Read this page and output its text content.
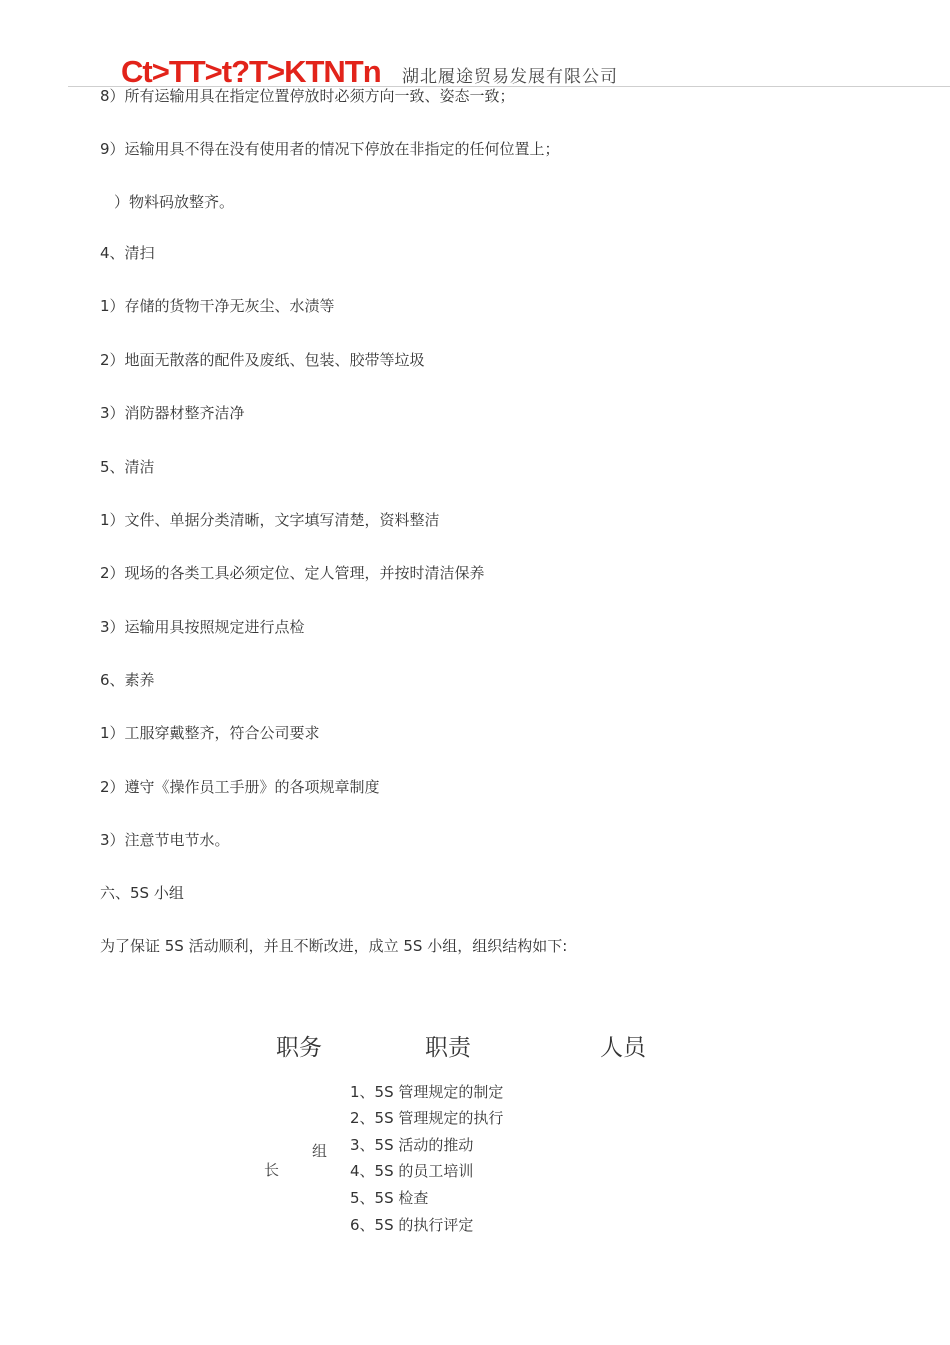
Ct>TT>t?T>KTNTn 湖北履途贸易发展有限公司
8）所有运输用具在指定位置停放时必须方向一致、姿态一致；
9）运输用具不得在没有使用者的情况下停放在非指定的任何位置上；
）物料码放整齐。
4、清扫
1）存储的货物干净无灰尘、水渍等
2）地面无散落的配件及废纸、包装、胶带等垃圾
3）消防器材整齐洁净
5、清洁
1）文件、单据分类清晰，文字填写清楚，资料整洁
2）现场的各类工具必须定位、定人管理，并按时清洁保养
3）运输用具按照规定进行点检
6、素养
1）工服穿戴整齐，符合公司要求
2）遵守《操作员工手册》的各项规章制度
3）注意节电节水。
六、5S 小组
为了保证 5S 活动顺利，并且不断改进，成立 5S 小组，组织结构如下:
职务	职责	人员
组
长
1、5S 管理规定的制定
2、5S 管理规定的执行
3、5S 活动的推动
4、5S 的员工培训
5、5S 检查
6、5S 的执行评定
